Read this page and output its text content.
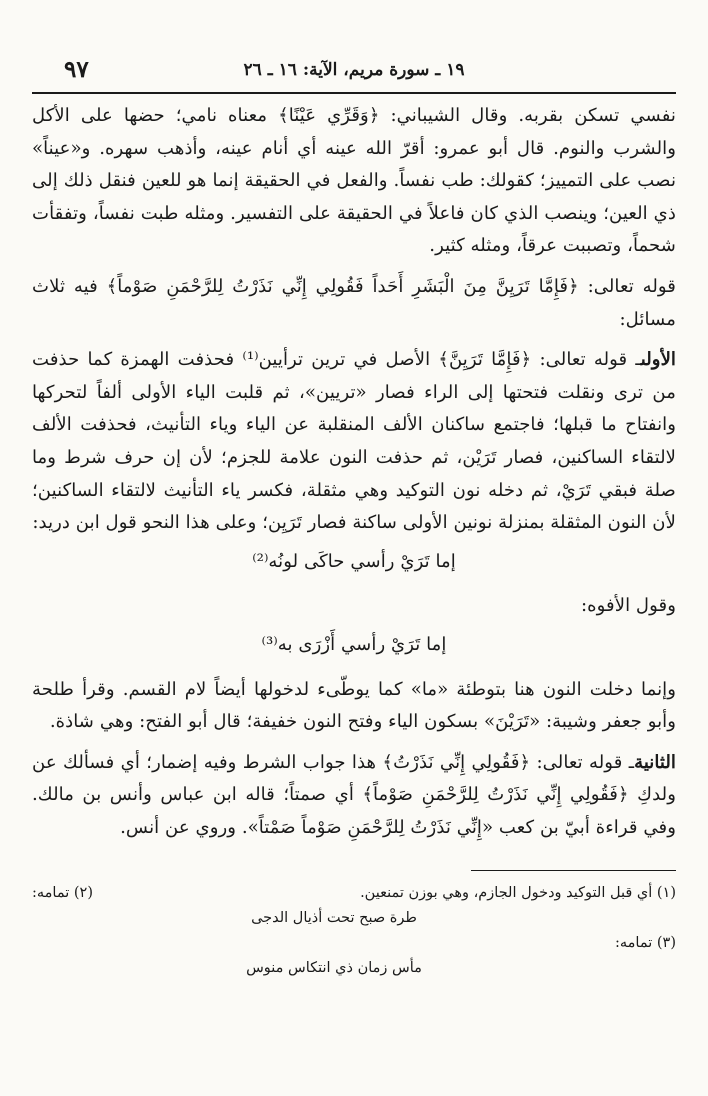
٩٧	١٩ ـ سورة مريم، الآية: ١٦ ـ ٢٦

نفسي تسكن بقربه. وقال الشيباني: ﴿وَقَرِّي عَيْنًا﴾ معناه نامي؛ حضها على الأكل والشرب والنوم. قال أبو عمرو: أقرّ الله عينه أي أنام عينه، وأذهب سهره. و«عيناً» نصب على التمييز؛ كقولك: طب نفساً. والفعل في الحقيقة إنما هو للعين فنقل ذلك إلى ذي العين؛ وينصب الذي كان فاعلاً في الحقيقة على التفسير. ومثله طبت نفساً، وتفقأت شحماً، وتصببت عرقاً، ومثله كثير.

قوله تعالى: ﴿فَإِمَّا تَرَيِنَّ مِنَ الْبَشَرِ أَحَداً فَقُولِي إِنِّي نَذَرْتُ لِلرَّحْمَنِ صَوْماً﴾ فيه ثلاث مسائل:

الأولىـ قوله تعالى: ﴿فَإِمَّا تَرَيِنَّ﴾ الأصل في ترين ترأيين⁽¹⁾ فحذفت الهمزة كما حذفت من ترى ونقلت فتحتها إلى الراء فصار «تريين»، ثم قلبت الياء الأولى ألفاً لتحركها وانفتاح ما قبلها؛ فاجتمع ساكنان الألف المنقلبة عن الياء وياء التأنيث، فحذفت الألف لالتقاء الساكنين، فصار تَرَيْن، ثم حذفت النون علامة للجزم؛ لأن إن حرف شرط وما صلة فبقي تَرَيْ، ثم دخله نون التوكيد وهي مثقلة، فكسر ياء التأنيث لالتقاء الساكنين؛ لأن النون المثقلة بمنزلة نونين الأولى ساكنة فصار تَرَيِن؛ وعلى هذا النحو قول ابن دريد:

إما تَرَيْ رأسي حاكَى لونُه⁽²⁾

وقول الأفوه:

إما تَرَيْ رأسي أَزْرَى به⁽³⁾

وإنما دخلت النون هنا بتوطئة «ما» كما يوطّىء لدخولها أيضاً لام القسم. وقرأ طلحة وأبو جعفر وشيبة: «تَرَيْنَ» بسكون الياء وفتح النون خفيفة؛ قال أبو الفتح: وهي شاذة.

الثانيةـ قوله تعالى: ﴿فَقُولِي إِنِّي نَذَرْتُ﴾ هذا جواب الشرط وفيه إضمار؛ أي فسألك عن ولدكِ ﴿فَقُولِي إِنِّي نَذَرْتُ لِلرَّحْمَنِ صَوْماً﴾ أي صمتاً؛ قاله ابن عباس وأنس بن مالك. وفي قراءة أبيّ بن كعب «إِنِّي نَذَرْتُ لِلرَّحْمَنِ صَوْماً صَمْتاً». وروي عن أنس.

(١) أي قبل التوكيد ودخول الجازم، وهي بوزن تمنعين.
(٢) تمامه:
طرة صبح تحت أذيال الدجى
(٣) تمامه:
مأس زمان ذي انتكاس منوس
